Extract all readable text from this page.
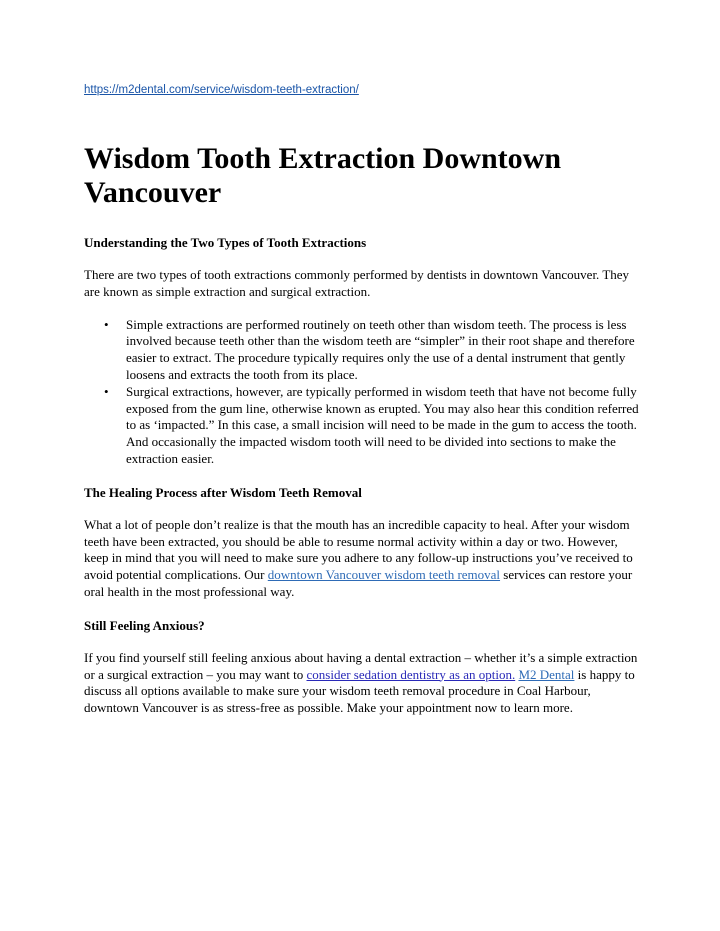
https://m2dental.com/service/wisdom-teeth-extraction/
Wisdom Tooth Extraction Downtown Vancouver
Understanding the Two Types of Tooth Extractions

There are two types of tooth extractions commonly performed by dentists in downtown Vancouver. They are known as simple extraction and surgical extraction.

• Simple extractions are performed routinely on teeth other than wisdom teeth. The process is less involved because teeth other than the wisdom teeth are “simpler” in their root shape and therefore easier to extract. The procedure typically requires only the use of a dental instrument that gently loosens and extracts the tooth from its place.
• Surgical extractions, however, are typically performed in wisdom teeth that have not become fully exposed from the gum line, otherwise known as erupted. You may also hear this condition referred to as ‘impacted.” In this case, a small incision will need to be made in the gum to access the tooth. And occasionally the impacted wisdom tooth will need to be divided into sections to make the extraction easier.
The Healing Process after Wisdom Teeth Removal

What a lot of people don’t realize is that the mouth has an incredible capacity to heal. After your wisdom teeth have been extracted, you should be able to resume normal activity within a day or two. However, keep in mind that you will need to make sure you adhere to any follow-up instructions you’ve received to avoid potential complications. Our downtown Vancouver wisdom teeth removal services can restore your oral health in the most professional way.

Still Feeling Anxious?

If you find yourself still feeling anxious about having a dental extraction – whether it’s a simple extraction or a surgical extraction – you may want to consider sedation dentistry as an option. M2 Dental is happy to discuss all options available to make sure your wisdom teeth removal procedure in Coal Harbour, downtown Vancouver is as stress-free as possible. Make your appointment now to learn more.
